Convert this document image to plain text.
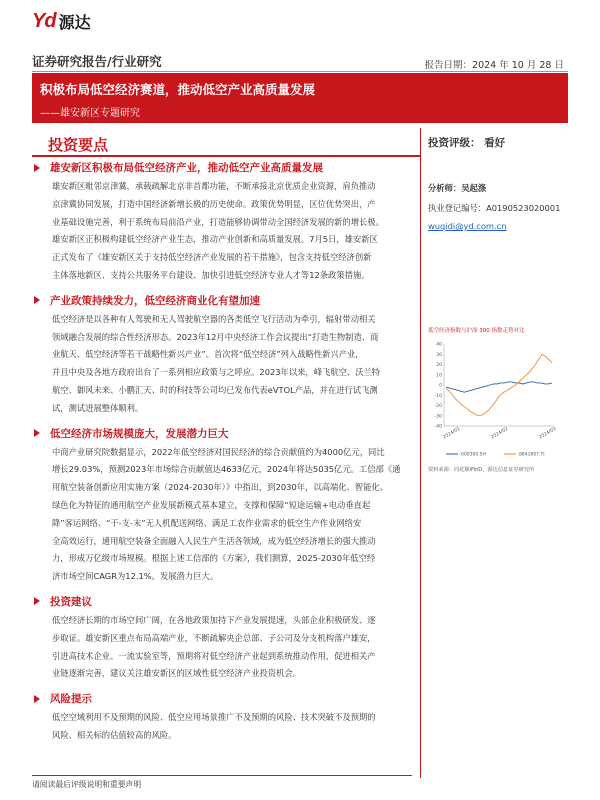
Yd 源达
证券研究报告/行业研究	报告日期：2024 年 10 月 28 日
积极布局低空经济赛道，推动低空产业高质量发展
——雄安新区专题研究
投资要点
雄安新区积极布局低空经济产业，推动低空产业高质量发展
雄安新区毗邻京津冀，承载疏解北京非首都功能，不断承接北京优质企业资源，肩负推动
京津冀协同发展，打造中国经济新增长极的历史使命。政策优势明显，区位优势突出，产
业基础设施完善，利于系统布局前沿产业，打造能够协调带动全国经济发展的新的增长极。
雄安新区正积极构建低空经济产业生态，推动产业创新和高质量发展。7月5日，雄安新区
正式发布了《雄安新区关于支持低空经济产业发展的若干措施》，包含支持低空经济创新
主体落地新区、支持公共服务平台建设、加快引进低空经济专业人才等12条政策措施。
产业政策持续发力，低空经济商业化有望加速
低空经济是以各种有人驾驶和无人驾驶航空器的各类低空飞行活动为牵引，辐射带动相关
领域融合发展的综合性经济形态。2023年12月中央经济工作会议提出“打造生物制造、商
业航天、低空经济等若干战略性新兴产业”。首次将“低空经济”列入战略性新兴产业，
并且中央及各地方政府出台了一系列相应政策与之呼应。2023年以来，峰飞航空、沃兰特
航空、御风未来、小鹏汇天、时的科技等公司均已发布代表eVTOL产品，并在进行试飞测
试，测试进展整体顺利。
低空经济市场规模庞大，发展潜力巨大
中商产业研究院数据显示，2022年低空经济对国民经济的综合贡献值约为4000亿元，同比
增长29.03%，预测2023年市场综合贡献值达4633亿元，2024年将达5035亿元。工信部《通
用航空装备创新应用实施方案（2024-2030年）》中指出，到2030年，以高端化、智能化、
绿色化为特征的通用航空产业发展新模式基本建立，支撑和保障“短途运输+电动垂直起
降”客运网络、“干-支-末”无人机配送网络、满足工农作业需求的低空生产作业网络安
全高效运行，通用航空装备全面融入人民生产生活各领域，成为低空经济增长的强大推动
力，形成万亿级市场规模。根据上述工信部的《方案》，我们测算，2025-2030年低空经
济市场空间CAGR为12.1%。发展潜力巨大。
投资建议
低空经济长期的市场空间广阔，在各地政策加持下产业发展提速，头部企业积极研发、逐
步取证。雄安新区重点布局高端产业，不断疏解央企总部、子公司及分支机构落户雄安，
引进高技术企业、一流实验室等，预期将对低空经济产业起到系统推动作用，促进相关产
业链逐渐完善，建议关注雄安新区的区域性低空经济产业投资机会。
风险提示
低空空域利用不及预期的风险、低空应用场景推广不及预期的风险、技术突破不及预期的
风险、相关标的估值较高的风险。
投资评级： 看好
分析师：吴起涤
执业登记编号：A0190523020001
wuqidi@yd.com.cn
低空经济指数与沪深 300 指数走势对比
40
30
20
10
0
-10
-20
-30
-40 2024/01	2024/02	2024/03
000300.SH	8841607.TI
资料来源：同花顺iFinD，源达信息证券研究所
请阅读最后评级说明和重要声明
